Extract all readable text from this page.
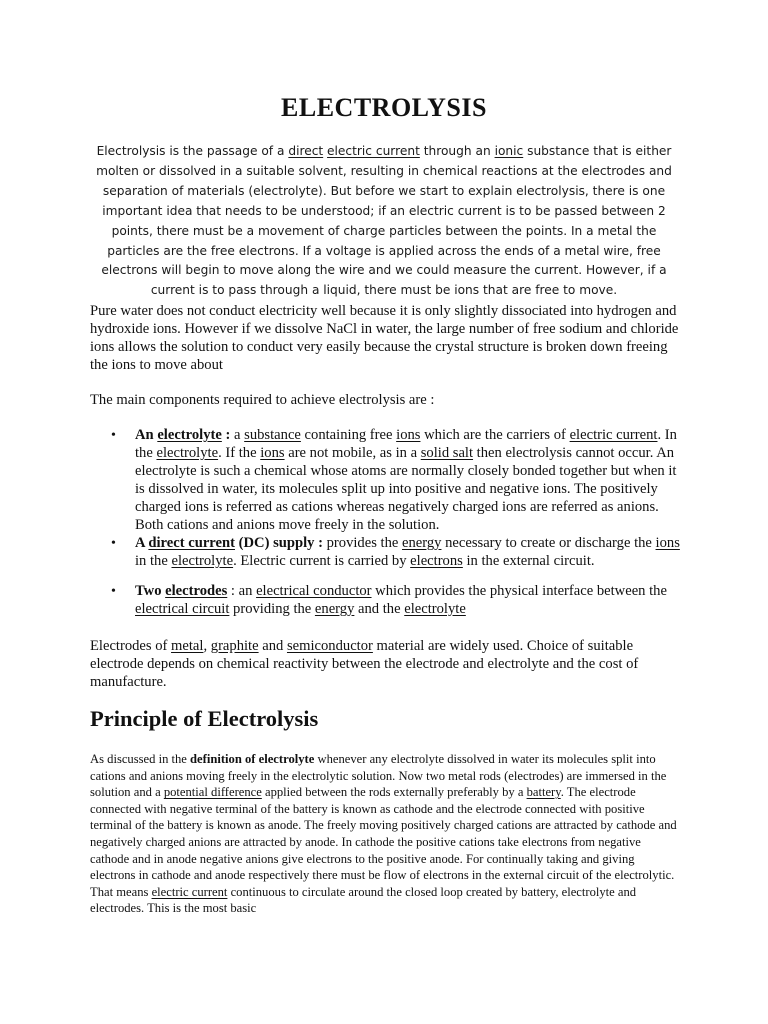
ELECTROLYSIS

Electrolysis is the passage of a direct electric current through an ionic substance that is either molten or dissolved in a suitable solvent, resulting in chemical reactions at the electrodes and separation of materials (electrolyte). But before we start to explain electrolysis, there is one important idea that needs to be understood; if an electric current is to be passed between 2 points, there must be a movement of charge particles between the points. In a metal the particles are the free electrons. If a voltage is applied across the ends of a metal wire, free electrons will begin to move along the wire and we could measure the current. However, if a current is to pass through a liquid, there must be ions that are free to move.

Pure water does not conduct electricity well because it is only slightly dissociated into hydrogen and hydroxide ions. However if we dissolve NaCl in water, the large number of free sodium and chloride ions allows the solution to conduct very easily because the crystal structure is broken down freeing the ions to move about

The main components required to achieve electrolysis are :

• An electrolyte : a substance containing free ions which are the carriers of electric current. In the electrolyte. If the ions are not mobile, as in a solid salt then electrolysis cannot occur. An electrolyte is such a chemical whose atoms are normally closely bonded together but when it is dissolved in water, its molecules split up into positive and negative ions. The positively charged ions is referred as cations whereas negatively charged ions are referred as anions. Both cations and anions move freely in the solution.

• A direct current (DC) supply : provides the energy necessary to create or discharge the ions in the electrolyte. Electric current is carried by electrons in the external circuit.

• Two electrodes : an electrical conductor which provides the physical interface between the electrical circuit providing the energy and the electrolyte

Electrodes of metal, graphite and semiconductor material are widely used. Choice of suitable electrode depends on chemical reactivity between the electrode and electrolyte and the cost of manufacture.

Principle of Electrolysis

As discussed in the definition of electrolyte whenever any electrolyte dissolved in water its molecules split into cations and anions moving freely in the electrolytic solution. Now two metal rods (electrodes) are immersed in the solution and a potential difference applied between the rods externally preferably by a battery. The electrode connected with negative terminal of the battery is known as cathode and the electrode connected with positive terminal of the battery is known as anode. The freely moving positively charged cations are attracted by cathode and negatively charged anions are attracted by anode. In cathode the positive cations take electrons from negative cathode and in anode negative anions give electrons to the positive anode. For continually taking and giving electrons in cathode and anode respectively there must be flow of electrons in the external circuit of the electrolytic. That means electric current continuous to circulate around the closed loop created by battery, electrolyte and electrodes. This is the most basic
